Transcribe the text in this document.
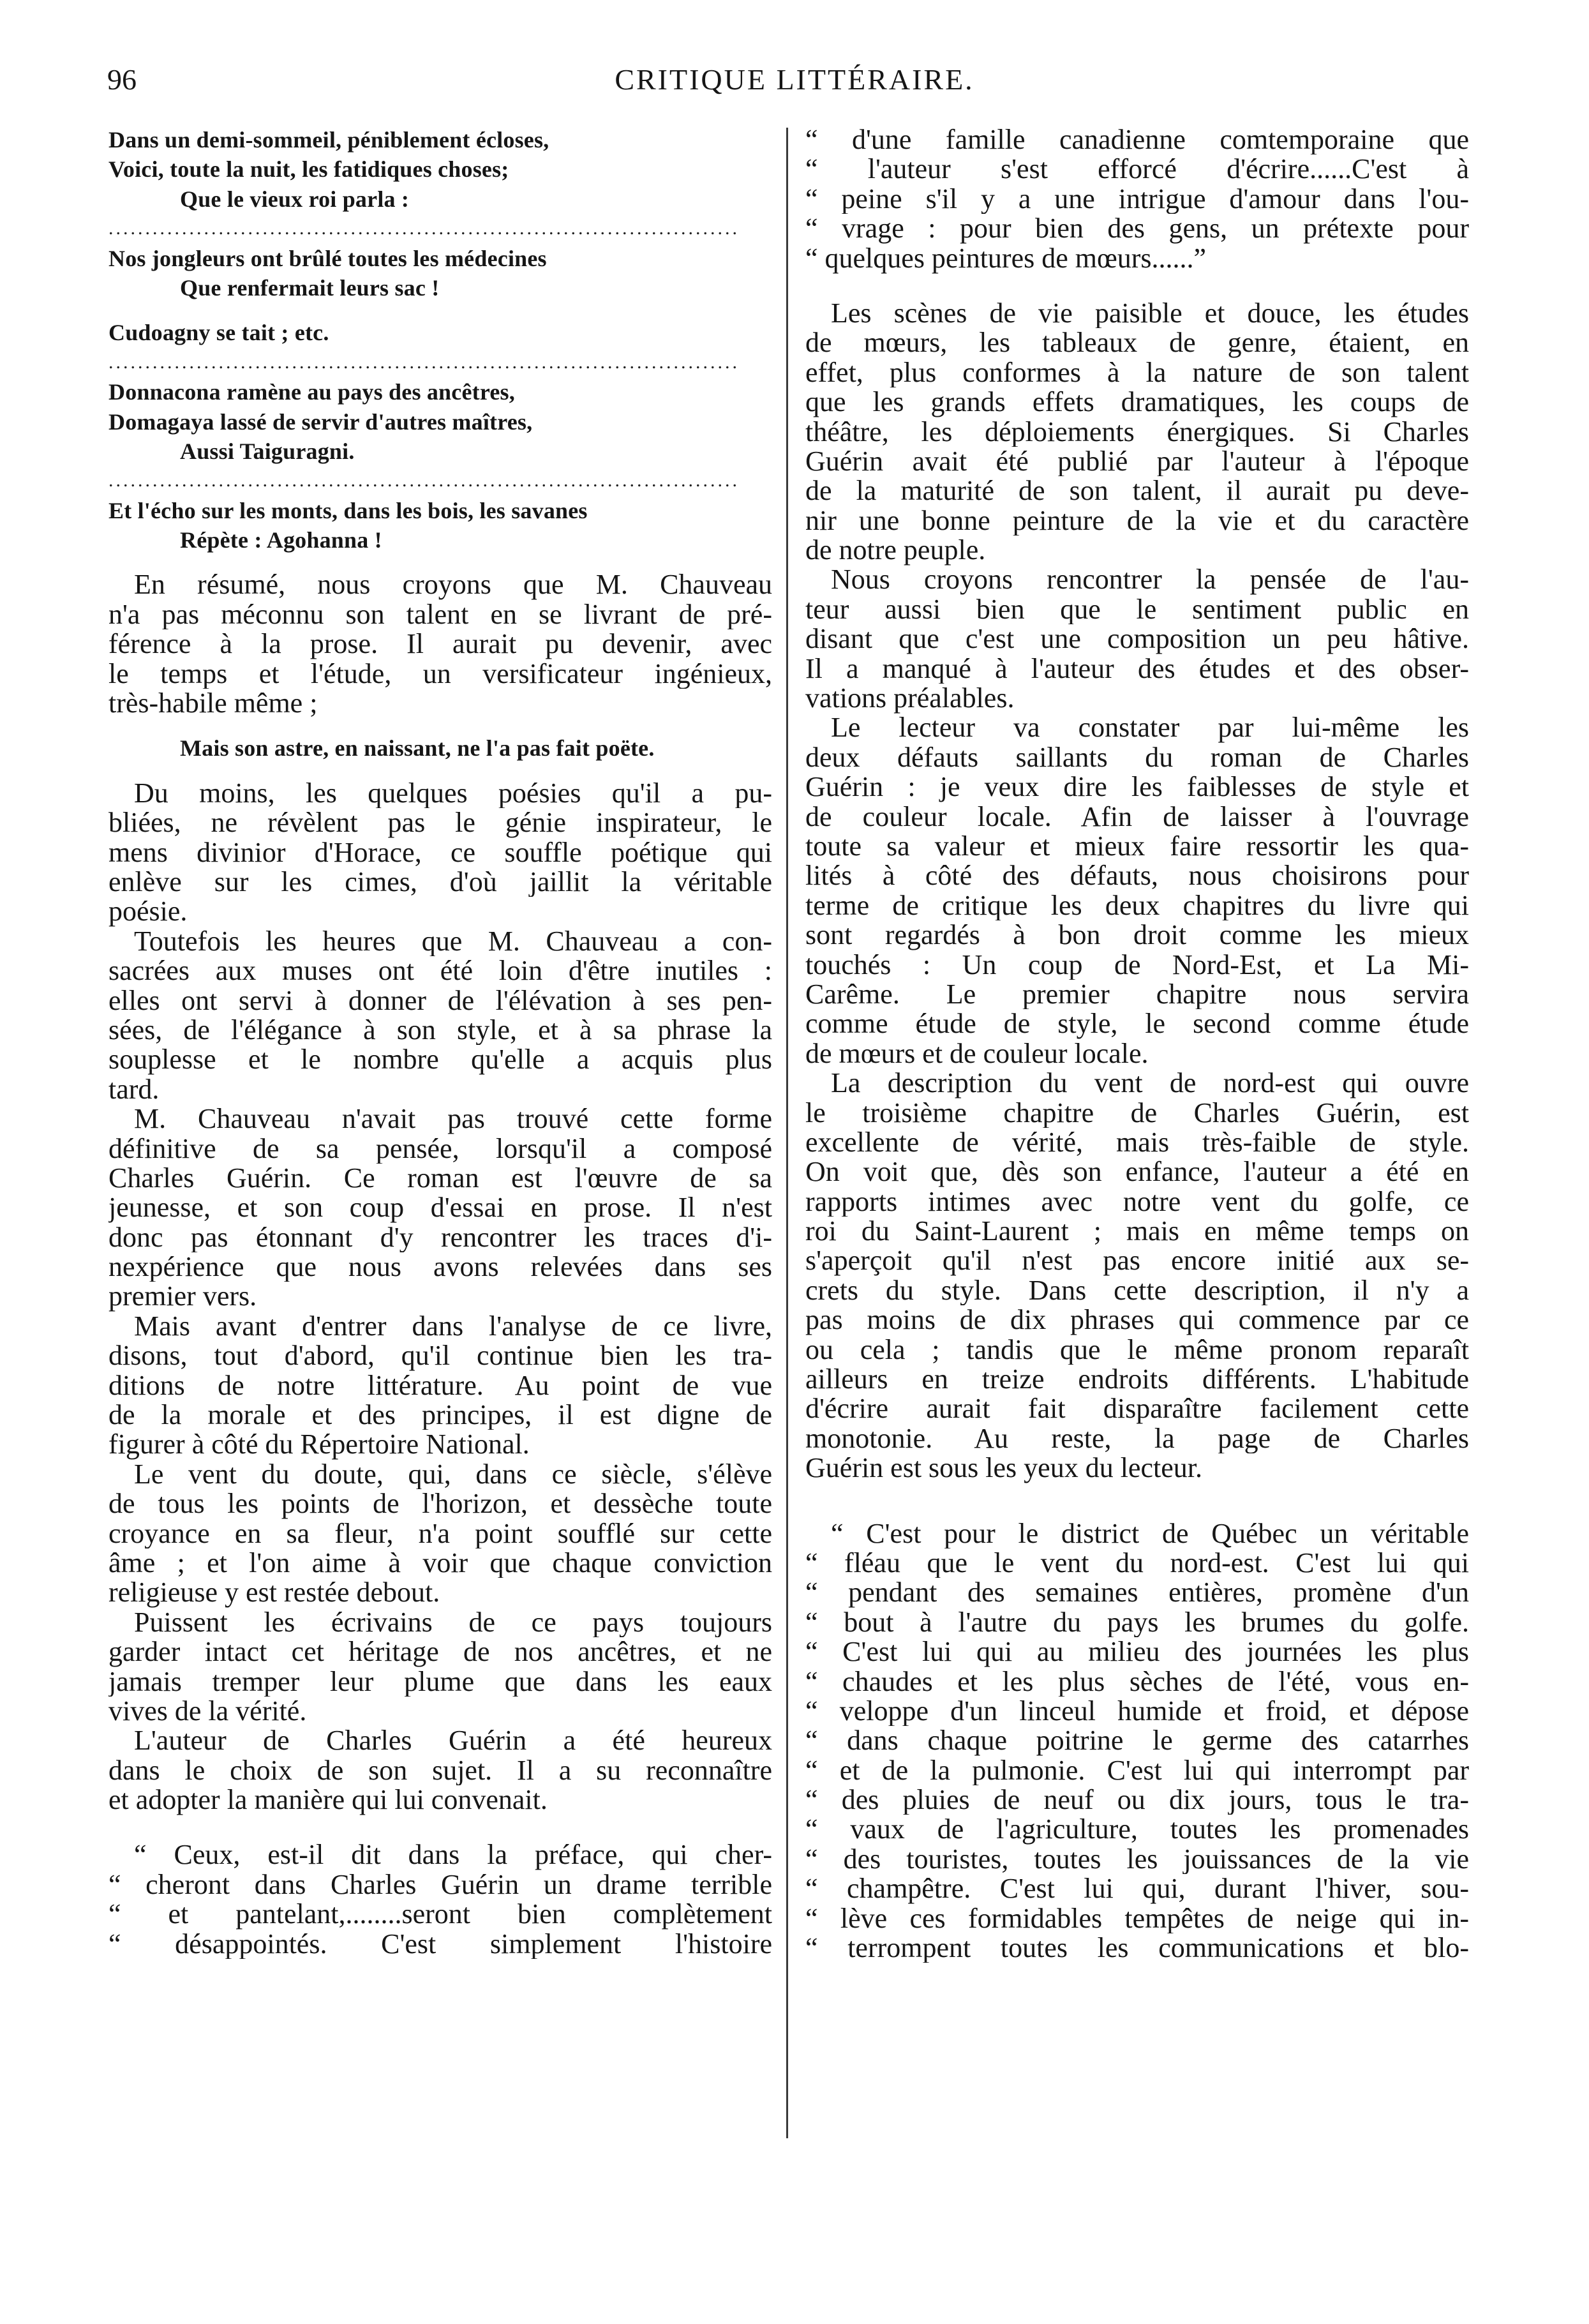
96	CRITIQUE LITTÉRAIRE.
Dans un demi-sommeil, péniblement écloses,
Voici, toute la nuit, les fatidiques choses;
Que le vieux roi parla :
......................................................................................
Nos jongleurs ont brûlé toutes les médecines
Que renfermait leurs sac !
Cudoagny se tait ; etc.
......................................................................................
Donnacona ramène au pays des ancêtres,
Domagaya lassé de servir d'autres maîtres,
Aussi Taiguragni.
......................................................................................
Et l'écho sur les monts, dans les bois, les savanes
Répète : Agohanna !
En résumé, nous croyons que M. Chauveau
n'a pas méconnu son talent en se livrant de pré-
férence à la prose. Il aurait pu devenir, avec
le temps et l'étude, un versificateur ingénieux,
très-habile même ;
Mais son astre, en naissant, ne l'a pas fait poëte.
Du moins, les quelques poésies qu'il a pu-
bliées, ne révèlent pas le génie inspirateur, le
mens divinior d'Horace, ce souffle poétique qui
enlève sur les cimes, d'où jaillit la véritable
poésie.
Toutefois les heures que M. Chauveau a con-
sacrées aux muses ont été loin d'être inutiles :
elles ont servi à donner de l'élévation à ses pen-
sées, de l'élégance à son style, et à sa phrase la
souplesse et le nombre qu'elle a acquis plus
tard.
M. Chauveau n'avait pas trouvé cette forme
définitive de sa pensée, lorsqu'il a composé
Charles Guérin. Ce roman est l'œuvre de sa
jeunesse, et son coup d'essai en prose. Il n'est
donc pas étonnant d'y rencontrer les traces d'i-
nexpérience que nous avons relevées dans ses
premier vers.
Mais avant d'entrer dans l'analyse de ce livre,
disons, tout d'abord, qu'il continue bien les tra-
ditions de notre littérature. Au point de vue
de la morale et des principes, il est digne de
figurer à côté du Répertoire National.
Le vent du doute, qui, dans ce siècle, s'élève
de tous les points de l'horizon, et dessèche toute
croyance en sa fleur, n'a point soufflé sur cette
âme ; et l'on aime à voir que chaque conviction
religieuse y est restée debout.
Puissent les écrivains de ce pays toujours
garder intact cet héritage de nos ancêtres, et ne
jamais tremper leur plume que dans les eaux
vives de la vérité.
L'auteur de Charles Guérin a été heureux
dans le choix de son sujet. Il a su reconnaître
et adopter la manière qui lui convenait.
“ Ceux, est-il dit dans la préface, qui cher-
“ cheront dans Charles Guérin un drame terrible
“ et pantelant,........seront bien complètement
“ désappointés. C'est simplement l'histoire
“ d'une famille canadienne comtemporaine que
“ l'auteur s'est efforcé d'écrire......C'est à
“ peine s'il y a une intrigue d'amour dans l'ou-
“ vrage : pour bien des gens, un prétexte pour
“ quelques peintures de mœurs......”
Les scènes de vie paisible et douce, les études
de mœurs, les tableaux de genre, étaient, en
effet, plus conformes à la nature de son talent
que les grands effets dramatiques, les coups de
théâtre, les déploiements énergiques. Si Charles
Guérin avait été publié par l'auteur à l'époque
de la maturité de son talent, il aurait pu deve-
nir une bonne peinture de la vie et du caractère
de notre peuple.
Nous croyons rencontrer la pensée de l'au-
teur aussi bien que le sentiment public en
disant que c'est une composition un peu hâtive.
Il a manqué à l'auteur des études et des obser-
vations préalables.
Le lecteur va constater par lui-même les
deux défauts saillants du roman de Charles
Guérin : je veux dire les faiblesses de style et
de couleur locale. Afin de laisser à l'ouvrage
toute sa valeur et mieux faire ressortir les qua-
lités à côté des défauts, nous choisirons pour
terme de critique les deux chapitres du livre qui
sont regardés à bon droit comme les mieux
touchés : Un coup de Nord-Est, et La Mi-
Carême. Le premier chapitre nous servira
comme étude de style, le second comme étude
de mœurs et de couleur locale.
La description du vent de nord-est qui ouvre
le troisième chapitre de Charles Guérin, est
excellente de vérité, mais très-faible de style.
On voit que, dès son enfance, l'auteur a été en
rapports intimes avec notre vent du golfe, ce
roi du Saint-Laurent ; mais en même temps on
s'aperçoit qu'il n'est pas encore initié aux se-
crets du style. Dans cette description, il n'y a
pas moins de dix phrases qui commence par ce
ou cela ; tandis que le même pronom reparaît
ailleurs en treize endroits différents. L'habitude
d'écrire aurait fait disparaître facilement cette
monotonie. Au reste, la page de Charles
Guérin est sous les yeux du lecteur.
“ C'est pour le district de Québec un véritable
“ fléau que le vent du nord-est. C'est lui qui
“ pendant des semaines entières, promène d'un
“ bout à l'autre du pays les brumes du golfe.
“ C'est lui qui au milieu des journées les plus
“ chaudes et les plus sèches de l'été, vous en-
“ veloppe d'un linceul humide et froid, et dépose
“ dans chaque poitrine le germe des catarrhes
“ et de la pulmonie. C'est lui qui interrompt par
“ des pluies de neuf ou dix jours, tous le tra-
“ vaux de l'agriculture, toutes les promenades
“ des touristes, toutes les jouissances de la vie
“ champêtre. C'est lui qui, durant l'hiver, sou-
“ lève ces formidables tempêtes de neige qui in-
“ terrompent toutes les communications et blo-
